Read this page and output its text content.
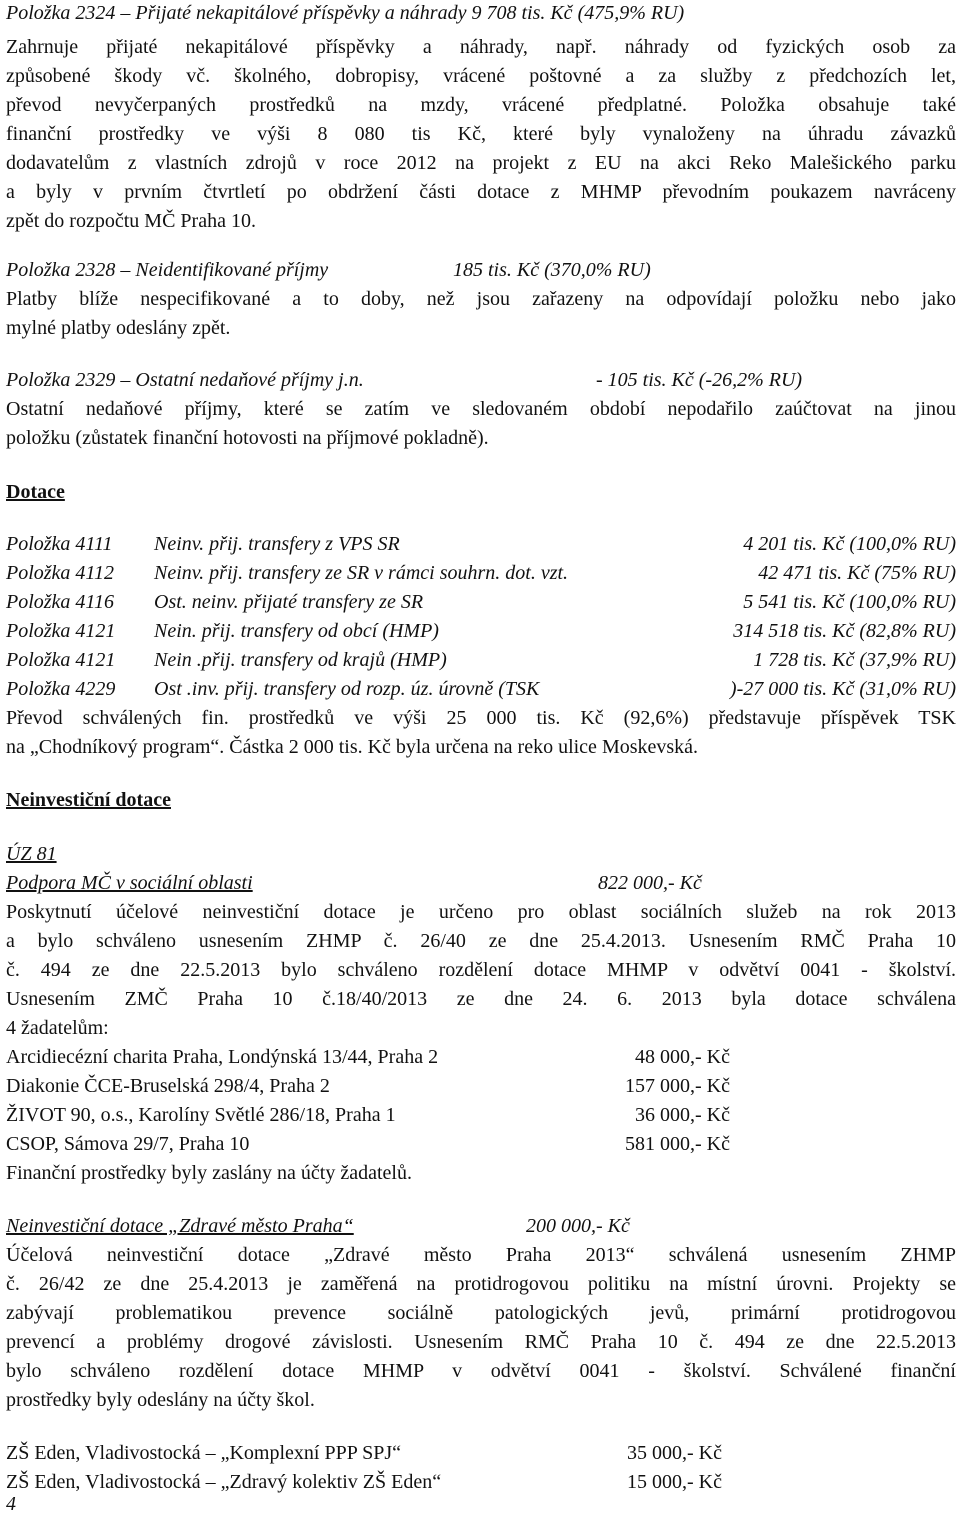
Položka 2324 – Přijaté nekapitálové příspěvky a náhrady 9 708 tis. Kč (475,9% RU)
Zahrnuje přijaté nekapitálové příspěvky a náhrady, např. náhrady od fyzických osob za
způsobené škody vč. školného, dobropisy, vrácené poštovné a za služby z předchozích let,
převod nevyčerpaných prostředků na mzdy, vrácené předplatné. Položka obsahuje také
finanční prostředky ve výši 8 080 tis Kč, které byly vynaloženy na úhradu závazků
dodavatelům z vlastních zdrojů v roce 2012 na projekt z EU na akci Reko Malešického parku
a byly v prvním čtvrtletí po obdržení části dotace z MHMP převodním poukazem navráceny
zpět do rozpočtu MČ Praha 10.
Položka 2328 – Neidentifikované příjmy	185 tis. Kč (370,0% RU)
Platby blíže nespecifikované a to doby, než jsou zařazeny na odpovídají položku nebo jako
mylné platby odeslány zpět.
Položka 2329 – Ostatní nedaňové příjmy j.n.	- 105 tis. Kč (-26,2% RU)
Ostatní nedaňové příjmy, které se zatím ve sledovaném období nepodařilo zaúčtovat na jinou
položku (zůstatek finanční hotovosti na příjmové pokladně).
Dotace
Položka 4111 Neinv. přij. transfery z VPS SR	4 201 tis. Kč (100,0% RU)
Položka 4112 Neinv. přij. transfery ze SR v rámci souhrn. dot. vzt.	42 471 tis. Kč (75% RU)
Položka 4116 Ost. neinv. přijaté transfery ze SR	5 541 tis. Kč (100,0% RU)
Položka 4121 Nein. přij. transfery od obcí (HMP)	314 518 tis. Kč (82,8% RU)
Položka 4121 Nein .přij. transfery od krajů (HMP)	1 728 tis. Kč (37,9% RU)
Položka 4229 Ost .inv. přij. transfery od rozp. úz. úrovně (TSK	)-27 000 tis. Kč (31,0% RU)
Převod schválených fin. prostředků ve výši 25 000 tis. Kč (92,6%) představuje příspěvek TSK
na „Chodníkový program“. Částka 2 000 tis. Kč byla určena na reko ulice Moskevská.
Neinvestiční dotace
ÚZ 81
Podpora MČ v sociální oblasti	822 000,- Kč
Poskytnutí účelové neinvestiční dotace je určeno pro oblast sociálních služeb na rok 2013
a bylo schváleno usnesením ZHMP č. 26/40 ze dne 25.4.2013. Usnesením RMČ Praha 10
č. 494 ze dne 22.5.2013 bylo schváleno rozdělení dotace MHMP v odvětví 0041 - školství.
Usnesením ZMČ Praha 10 č.18/40/2013 ze dne 24. 6. 2013 byla dotace schválena
4 žadatelům:
Arcidiecézní charita Praha, Londýnská 13/44, Praha 2	48 000,- Kč
Diakonie ČCE-Bruselská 298/4, Praha 2	157 000,- Kč
ŽIVOT 90, o.s., Karolíny Světlé 286/18, Praha 1	36 000,- Kč
CSOP, Sámova 29/7, Praha 10	581 000,- Kč
Finanční prostředky byly zaslány na účty žadatelů.
Neinvestiční dotace „Zdravé město Praha“	200 000,- Kč
Účelová neinvestiční dotace „Zdravé město Praha 2013“ schválená usnesením ZHMP
č. 26/42 ze dne 25.4.2013 je zaměřená na protidrogovou politiku na místní úrovni. Projekty se
zabývají problematikou prevence sociálně patologických jevů, primární protidrogovou
prevencí a problémy drogové závislosti. Usnesením RMČ Praha 10 č. 494 ze dne 22.5.2013
bylo schváleno rozdělení dotace MHMP v odvětví 0041 - školství. Schválené finanční
prostředky byly odeslány na účty škol.
ZŠ Eden, Vladivostocká – „Komplexní PPP SPJ“	35 000,- Kč
ZŠ Eden, Vladivostocká – „Zdravý kolektiv ZŠ Eden“	15 000,- Kč
4
